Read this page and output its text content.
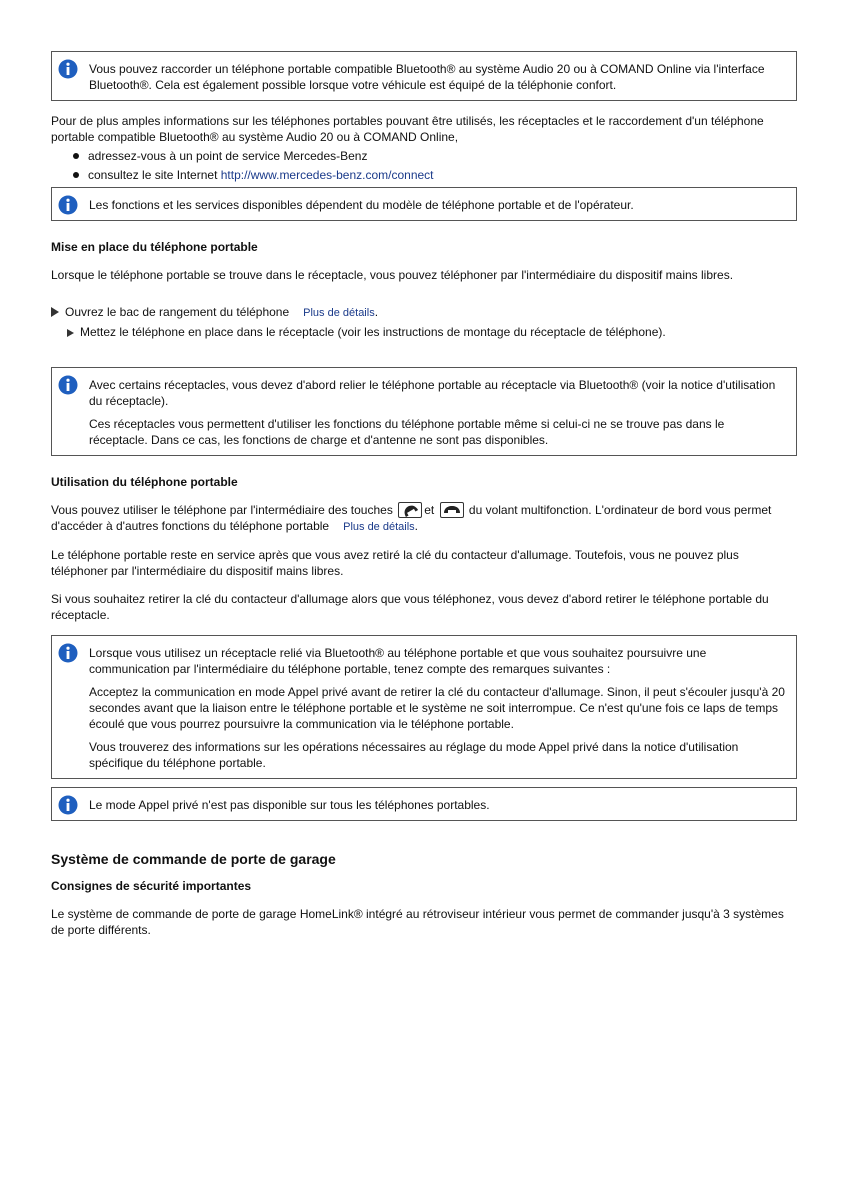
Vous pouvez raccorder un téléphone portable compatible Bluetooth® au système Audio 20 ou à COMAND Online via l'interface Bluetooth®. Cela est également possible lorsque votre véhicule est équipé de la téléphonie confort.

Pour de plus amples informations sur les téléphones portables pouvant être utilisés, les réceptacles et le raccordement d'un téléphone portable compatible Bluetooth® au système Audio 20 ou à COMAND Online,

adressez-vous à un point de service Mercedes-Benz
consultez le site Internet http://www.mercedes-benz.com/connect

Les fonctions et les services disponibles dépendent du modèle de téléphone portable et de l'opérateur.

Mise en place du téléphone portable

Lorsque le téléphone portable se trouve dans le réceptacle, vous pouvez téléphoner par l'intermédiaire du dispositif mains libres.

Ouvrez le bac de rangement du téléphone Plus de détails.
Mettez le téléphone en place dans le réceptacle (voir les instructions de montage du réceptacle de téléphone).

Avec certains réceptacles, vous devez d'abord relier le téléphone portable au réceptacle via Bluetooth® (voir la notice d'utilisation du réceptacle).

Ces réceptacles vous permettent d'utiliser les fonctions du téléphone portable même si celui-ci ne se trouve pas dans le réceptacle. Dans ce cas, les fonctions de charge et d'antenne ne sont pas disponibles.

Utilisation du téléphone portable

Vous pouvez utiliser le téléphone par l'intermédiaire des touches	et	du volant multifonction. L'ordinateur de bord vous permet d'accéder à d'autres fonctions du téléphone portable Plus de détails.

Le téléphone portable reste en service après que vous avez retiré la clé du contacteur d'allumage. Toutefois, vous ne pouvez plus téléphoner par l'intermédiaire du dispositif mains libres.

Si vous souhaitez retirer la clé du contacteur d'allumage alors que vous téléphonez, vous devez d'abord retirer le téléphone portable du réceptacle.

Lorsque vous utilisez un réceptacle relié via Bluetooth® au téléphone portable et que vous souhaitez poursuivre une communication par l'intermédiaire du téléphone portable, tenez compte des remarques suivantes :

Acceptez la communication en mode Appel privé avant de retirer la clé du contacteur d'allumage. Sinon, il peut s'écouler jusqu'à 20 secondes avant que la liaison entre le téléphone portable et le système ne soit interrompue. Ce n'est qu'une fois ce laps de temps écoulé que vous pourrez poursuivre la communication via le téléphone portable.

Vous trouverez des informations sur les opérations nécessaires au réglage du mode Appel privé dans la notice d'utilisation spécifique du téléphone portable.

Le mode Appel privé n'est pas disponible sur tous les téléphones portables.

Système de commande de porte de garage
Consignes de sécurité importantes

Le système de commande de porte de garage HomeLink® intégré au rétroviseur intérieur vous permet de commander jusqu'à 3 systèmes de porte différents.
